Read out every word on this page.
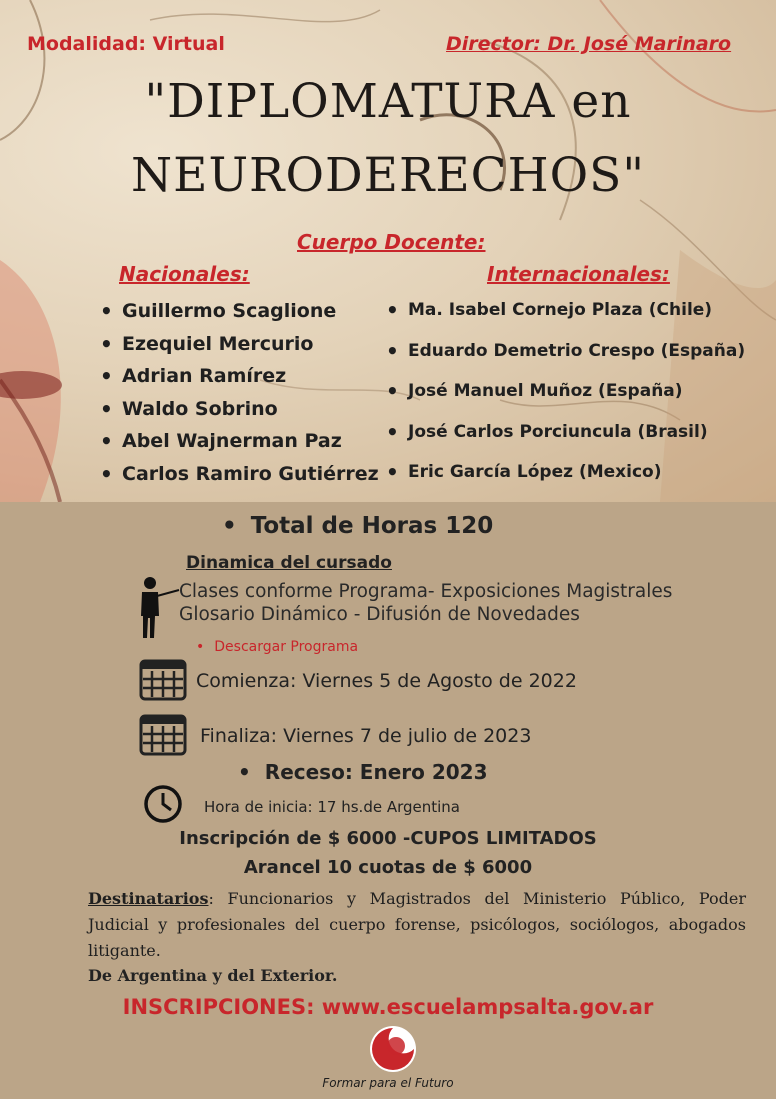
Modalidad: Virtual	Director: Dr. José Marinaro
"DIPLOMATURA en
NEURODERECHOS"
Cuerpo Docente:
Nacionales:	Internacionales:
• Guillermo Scaglione
• Ezequiel Mercurio
• Adrian Ramírez
• Waldo Sobrino
• Abel Wajnerman Paz
• Carlos Ramiro Gutiérrez
• Ma. Isabel Cornejo Plaza (Chile)
• Eduardo Demetrio Crespo (España)
• José Manuel Muñoz (España)
• José Carlos Porciuncula (Brasil)
• Eric García López (Mexico)
• Total de Horas 120
Dinamica del cursado
Clases conforme Programa- Exposiciones Magistrales
Glosario Dinámico - Difusión de Novedades
• Descargar Programa
Comienza: Viernes 5 de Agosto de 2022
Finaliza: Viernes 7 de julio de 2023
• Receso: Enero 2023
Hora de inicia: 17 hs.de Argentina
Inscripción de $ 6000 -CUPOS LIMITADOS
Arancel 10 cuotas de $ 6000
Destinatarios: Funcionarios y Magistrados del Ministerio Público, Poder Judicial y profesionales del cuerpo forense, psicólogos, sociólogos, abogados litigante.
De Argentina y del Exterior.
INSCRIPCIONES: www.escuelampsalta.gov.ar
Formar para el Futuro
